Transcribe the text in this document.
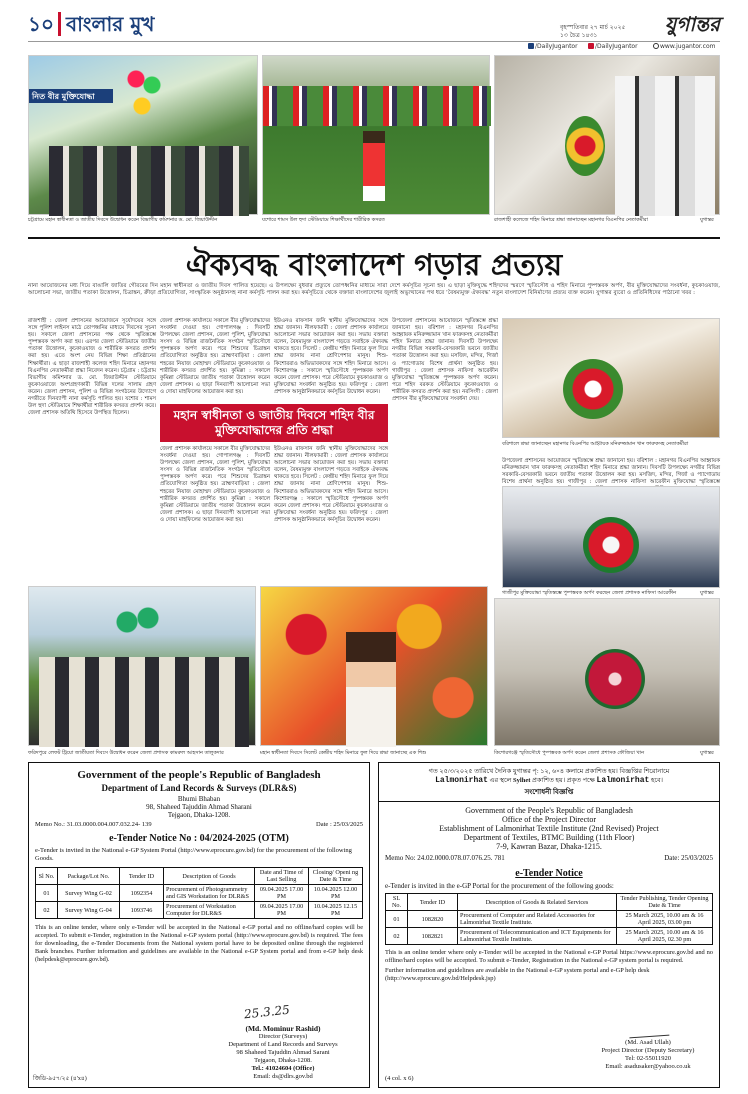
১০ বাংলার মুখ	যুগান্তর
বৃহস্পতিবার ২৭ মার্চ ২০২৫
১৩ চৈত্র ১৪৩১
/DailyJugantor	/DailyJugantor	www.jugantor.com
নিত বীর মুক্তিযোদ্ধা
চট্টগ্রামে মহান স্বাধীনতা ও জাতীয় দিবসে উদ্বোধন করেন বিভাগীয় কমিশনার ড. মো. জিয়াউদ্দীন	যশোরে শামস উল হুদা স্টেডিয়ামে শিক্ষার্থীদের শারীরিক কসরত	রাজশাহী কলেজে শহিদ মিনারে শ্রদ্ধা জানাচ্ছেন মহানগর বিএনপির নেতাকর্মীরা	যুগান্তর
ঐক্যবদ্ধ বাংলাদেশ গড়ার প্রত্যয়
নানা আয়োজনের মধ্য দিয়ে বাঙালি জাতির গৌরবের দিন মহান স্বাধীনতা ও জাতীয় দিবস পালিত হয়েছে। এ উপলক্ষ্যে বুধবার প্রত্যুষে তোপধ্বনির মাধ্যমে সারা দেশে কর্মসূচির সূচনা হয়। এ ছাড়া মুক্তিযুদ্ধে শহিদদের স্মরণে স্মৃতিসৌধ ও শহিদ মিনারে পুষ্পস্তবক অর্পণ, বীর মুক্তিযোদ্ধাদের সংবর্ধনা, কুচকাওয়াজ, আলোচনা সভা, জাতীয় পতাকা উত্তোলন, চিত্রাঙ্কন, ক্রীড়া প্রতিযোগিতা, সাংস্কৃতিক অনুষ্ঠানসহ নানা কর্মসূচি পালন করা হয়। কর্মসূচিতে থেকে বক্তারা বাংলাদেশের জুলাই অভ্যুত্থানের পথ ধরে ‘বৈষম্যমুক্ত ঐক্যবদ্ধ’ নতুন বাংলাদেশ বিনির্মাণের প্রত্যয় ব্যক্ত করেন। যুগান্তর ব্যুরো ও প্রতিনিধিদের পাঠানো খবর :
রাজশাহী : জেলা প্রশাসনের আয়োজনে সূর্যোদয়ের সঙ্গে সঙ্গে পুলিশ লাইনস মাঠে তোপধ্বনির মাধ্যমে দিবসের সূচনা হয়। সকালে জেলা প্রশাসনের পক্ষ থেকে স্মৃতিস্তম্ভে পুষ্পস্তবক অর্পণ করা হয়। এরপর জেলা স্টেডিয়ামে জাতীয় পতাকা উত্তোলন, কুচকাওয়াজ ও শারীরিক কসরত প্রদর্শন করা হয়। এতে অংশ নেয় বিভিন্ন শিক্ষা প্রতিষ্ঠানের শিক্ষার্থীরা। এ ছাড়া রাজশাহী কলেজ শহিদ মিনারে মহানগর বিএনপির নেতাকর্মীরা শ্রদ্ধা নিবেদন করেন। চট্টগ্রাম : চট্টগ্রাম বিভাগীয় কমিশনার ড. মো. জিয়াউদ্দীন স্টেডিয়ামে কুচকাওয়াজে অংশগ্রহণকারী বিভিন্ন দলের সালাম গ্রহণ করেন। জেলা প্রশাসন, পুলিশ ও বিভিন্ন সংগঠনের উদ্যোগে নগরীতে দিনব্যাপী নানা কর্মসূচি পালিত হয়। যশোর : শামস উল হুদা স্টেডিয়ামে শিক্ষার্থীরা শারীরিক কসরত প্রদর্শন করে। জেলা প্রশাসক অতিথি হিসেবে উপস্থিত ছিলেন।
জেলা প্রশাসক কার্যালয়ে সকালে বীর মুক্তিযোদ্ধাদের সংবর্ধনা দেওয়া হয়। গোপালগঞ্জ : দিবসটি উপলক্ষ্যে জেলা প্রশাসন, জেলা পুলিশ, মুক্তিযোদ্ধা সংসদ ও বিভিন্ন রাজনৈতিক সংগঠন স্মৃতিসৌধে পুষ্পস্তবক অর্পণ করে। পরে শিশুদের চিত্রাঙ্কন প্রতিযোগিতা অনুষ্ঠিত হয়। ব্রাহ্মণবাড়িয়া : জেলা শহরের নিয়াজ মোহাম্মদ স্টেডিয়ামে কুচকাওয়াজ ও শারীরিক কসরত প্রদর্শিত হয়। কুমিল্লা : সকালে কুমিল্লা স্টেডিয়ামে জাতীয় পতাকা উত্তোলন করেন জেলা প্রশাসক। এ ছাড়া দিনব্যাপী আলোচনা সভা ও দোয়া মাহফিলের আয়োজন করা হয়।
ইউএনও রাফসান জনি স্থানীয় মুক্তিযোদ্ধাদের সঙ্গে শ্রদ্ধা জানান। নীলফামারী : জেলা প্রশাসক কার্যালয়ে আলোচনা সভার আয়োজন করা হয়। সভায় বক্তারা বলেন, বৈষম্যমুক্ত বাংলাদেশ গড়তে সবাইকে ঐক্যবদ্ধ থাকতে হবে। সিলেট : কেন্দ্রীয় শহিদ মিনারে ফুল দিয়ে শ্রদ্ধা জানায় নানা শ্রেণিপেশার মানুষ। শিশু-কিশোররাও অভিভাবকদের সঙ্গে শহিদ মিনারে আসে। কিশোরগঞ্জ : সকালে স্মৃতিসৌধে পুষ্পস্তবক অর্পণ করেন জেলা প্রশাসক। পরে স্টেডিয়ামে কুচকাওয়াজ ও মুক্তিযোদ্ধা সংবর্ধনা অনুষ্ঠিত হয়। ফরিদপুর : জেলা প্রশাসক আনুষ্ঠানিকভাবে কর্মসূচির উদ্বোধন করেন।
মহান স্বাধীনতা ও জাতীয় দিবসে শহিদ বীর মুক্তিযোদ্ধাদের প্রতি শ্রদ্ধা
জেলা প্রশাসক কার্যালয়ে সকালে বীর মুক্তিযোদ্ধাদের সংবর্ধনা দেওয়া হয়। গোপালগঞ্জ : দিবসটি উপলক্ষ্যে জেলা প্রশাসন, জেলা পুলিশ, মুক্তিযোদ্ধা সংসদ ও বিভিন্ন রাজনৈতিক সংগঠন স্মৃতিসৌধে পুষ্পস্তবক অর্পণ করে। পরে শিশুদের চিত্রাঙ্কন প্রতিযোগিতা অনুষ্ঠিত হয়। ব্রাহ্মণবাড়িয়া : জেলা শহরের নিয়াজ মোহাম্মদ স্টেডিয়ামে কুচকাওয়াজ ও শারীরিক কসরত প্রদর্শিত হয়। কুমিল্লা : সকালে কুমিল্লা স্টেডিয়ামে জাতীয় পতাকা উত্তোলন করেন জেলা প্রশাসক। এ ছাড়া দিনব্যাপী আলোচনা সভা ও দোয়া মাহফিলের আয়োজন করা হয়।
ইউএনও রাফসান জনি স্থানীয় মুক্তিযোদ্ধাদের সঙ্গে শ্রদ্ধা জানান। নীলফামারী : জেলা প্রশাসক কার্যালয়ে আলোচনা সভার আয়োজন করা হয়। সভায় বক্তারা বলেন, বৈষম্যমুক্ত বাংলাদেশ গড়তে সবাইকে ঐক্যবদ্ধ থাকতে হবে। সিলেট : কেন্দ্রীয় শহিদ মিনারে ফুল দিয়ে শ্রদ্ধা জানায় নানা শ্রেণিপেশার মানুষ। শিশু-কিশোররাও অভিভাবকদের সঙ্গে শহিদ মিনারে আসে। কিশোরগঞ্জ : সকালে স্মৃতিসৌধে পুষ্পস্তবক অর্পণ করেন জেলা প্রশাসক। পরে স্টেডিয়ামে কুচকাওয়াজ ও মুক্তিযোদ্ধা সংবর্ধনা অনুষ্ঠিত হয়। ফরিদপুর : জেলা প্রশাসক আনুষ্ঠানিকভাবে কর্মসূচির উদ্বোধন করেন।
উপজেলা প্রশাসনের আয়োজনে স্মৃতিস্তম্ভে শ্রদ্ধা জানানো হয়। বরিশাল : মহানগর বিএনপির আহ্বায়ক মনিরুজ্জামান খান ফারুকসহ নেতাকর্মীরা শহিদ মিনারে শ্রদ্ধা জানান। দিবসটি উপলক্ষ্যে নগরীর বিভিন্ন সরকারি-বেসরকারি ভবনে জাতীয় পতাকা উত্তোলন করা হয়। মসজিদ, মন্দির, গির্জা ও প্যাগোডায় বিশেষ প্রার্থনা অনুষ্ঠিত হয়। গাজীপুর : জেলা প্রশাসক নাফিসা আরেফীন মুক্তিযোদ্ধা স্মৃতিস্তম্ভে পুষ্পস্তবক অর্পণ করেন। পরে শহিদ বরকত স্টেডিয়ামে কুচকাওয়াজ ও শারীরিক কসরত প্রদর্শন করা হয়। নরসিংদী : জেলা প্রশাসন বীর মুক্তিযোদ্ধাদের সংবর্ধনা দেয়।
বরিশালে শ্রদ্ধা জানাচ্ছেন মহানগর বিএনপির আহ্বায়ক মনিরুজ্জামান খান ফারুকসহ নেতাকর্মীরা
উপজেলা প্রশাসনের আয়োজনে স্মৃতিস্তম্ভে শ্রদ্ধা জানানো হয়। বরিশাল : মহানগর বিএনপির আহ্বায়ক মনিরুজ্জামান খান ফারুকসহ নেতাকর্মীরা শহিদ মিনারে শ্রদ্ধা জানান। দিবসটি উপলক্ষ্যে নগরীর বিভিন্ন সরকারি-বেসরকারি ভবনে জাতীয় পতাকা উত্তোলন করা হয়। মসজিদ, মন্দির, গির্জা ও প্যাগোডায় বিশেষ প্রার্থনা অনুষ্ঠিত হয়। গাজীপুর : জেলা প্রশাসক নাফিসা আরেফীন মুক্তিযোদ্ধা স্মৃতিস্তম্ভে
গাজীপুর মুক্তিযোদ্ধা স্মৃতিস্তম্ভে পুষ্পস্তবক অর্পণ করছেন জেলা প্রশাসক নাফিসা আরেফীন	যুগান্তর
ফরিদপুরে লেফট ট্রিয়ো জাতীয়তা দিবসে উদ্বোধন করেন জেলা প্রশাসক কামরুল আহসান তালুকদার	মহান স্বাধীনতা দিবসে সিলেট কেন্দ্রীয় শহিদ মিনারে ফুল দিয়ে শ্রদ্ধা জানাচ্ছে এক শিশু	কিশোরগঞ্জে স্মৃতিসৌধে পুষ্পস্তবক অর্পণ করেন জেলা প্রশাসক ফৌজিয়া খান	যুগান্তর
Government of the people's Republic of Bangladesh
Department of Land Records & Surveys (DLR&S)
Bhumi Bhaban
98, Shaheed Tajuddin Ahmad Sharani
Tejgaon, Dhaka-1208.
Memo No.: 31.03.0000.004.007.032.24- 139	Date : 25/03/2025
e-Tender Notice No : 04/2024-2025 (OTM)
e-Tender is invited in the National e-GP System Portal (http://www.eprocure.gov.bd) for the procurement of the following Goods.
Sl No.	Package/Lot No.	Tender ID	Description of Goods	Date and Time of Last Selling	Closing/ Openi ng Date & Time
01	Survey Wing G-02	1092354	Procurement of Photogrammetry and GIS Workstation for DLR&S	09.04.2025 17.00 PM	10.04.2025 12.00 PM
02	Survey Wing G-04	1093746	Procurement of Workstation Computer for DLR&S	09.04.2025 17.00 PM	10.04.2025 12.15 PM
This is an online tender, where only e-Tender will be accepted in the National e-GP portal and no offline/hard copies will be accepted. To submit e-Tender, registration in the National e-GP system portal (http://www.eprocure.gov.bd) is required. The fees for downloading, the e-Tender Documents from the National system portal have to be deposited online through the registered Bank branches. Further information and guidelines are available in the National e-GP System portal and from e-GP help desk (helpdesk@eprocure.gov.bd).
25.3.25
(Md. Mominur Rashid)
Director (Surveys)
Department of Land Records and Surveys
98 Shaheed Tajuddin Ahmad Sarani
Tejgaon, Dhaka-1208.
Tel.: 41024604 (Office)
Email: ds@dlrs.gov.bd
জিডি-৯৫৭/২৫ (৪'x৪)
গত ২৫/৩/২০২৫ তারিখে দৈনিক যুগান্তর পৃ: ১২, ৬×৪ কলামে প্রকাশিত হয়। বিজ্ঞপ্তির শিরোনামে
Lalmonirhat এর স্থলে Sylhet প্রকাশিত হয়। প্রকৃত পক্ষে Lalmonirhat হবে।
সংশোধনী বিজ্ঞপ্তি
Government of the People's Republic of Bangladesh
Office of the Project Director
Establishment of Lalmonirhat Textile Institute (2nd Revised) Project
Department of Textiles, BTMC Building (11th Floor)
7-9, Kawran Bazar, Dhaka-1215.
Memo No: 24.02.0000.078.07.076.25. 781	Date: 25/03/2025
e-Tender Notice
e-Tender is invited in the e-GP Portal for the procurement of the following goods:
SL No.	Tender ID	Description of Goods & Related Services	Tender Publishing, Tender Opening Date & Time
01	1082820	Procurement of Computer and Related Accessories for Lalmonirhat Textile Institute.	25 March 2025, 10.00 am & 16 April 2025, 03.00 pm
02	1082821	Procurement of Telecommunication and ICT Equipments for Lalmonirhat Textile Institute.	25 March 2025, 10.00 am & 16 April 2025, 02.30 pm
This is an online tender where only e-Tender will be accepted in the National e-GP Portal https://www.eprocure.gov.bd and no offline/hard copies will be accepted. To submit e-Tender, Registration in the National e-GP system portal is required.
Further information and guidelines are available in the National e-GP system portal and e-GP help desk (http://www.eprocure.gov.bd/Helpdesk.jsp)
(Md. Asad Ullah)
Project Director (Deputy Secretary)
Tel: 02-55011920
Email: asadusaker@yahoo.co.uk
(4 col. x 6)
